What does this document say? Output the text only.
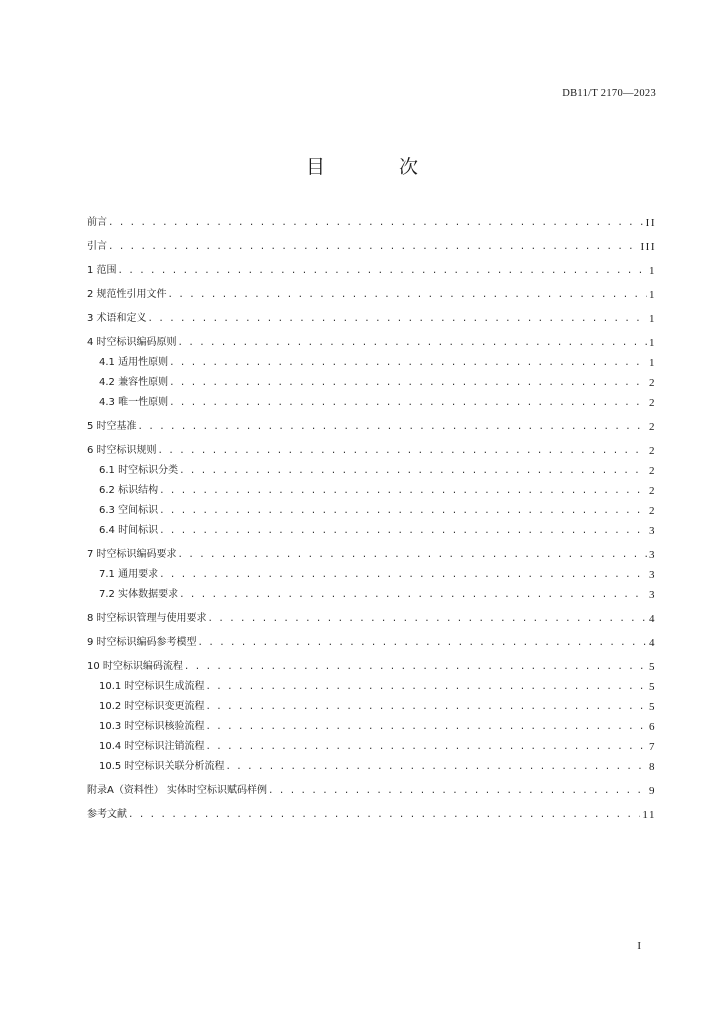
DB11/T 2170—2023
目 次
前言 . . .	II
引言 . . .	III
1 范围 . . .	1
2 规范性引用文件 . . .	1
3 术语和定义 . . .	1
4 时空标识编码原则 . . .	1
4.1 适用性原则 . . .	1
4.2 兼容性原则 . . .	2
4.3 唯一性原则 . . .	2
5 时空基准 . . .	2
6 时空标识规则 . . .	2
6.1 时空标识分类 . . .	2
6.2 标识结构 . . .	2
6.3 空间标识 . . .	2
6.4 时间标识 . . .	3
7 时空标识编码要求 . . .	3
7.1 通用要求 . . .	3
7.2 实体数据要求 . . .	3
8 时空标识管理与使用要求 . . .	4
9 时空标识编码参考模型 . . .	4
10 时空标识编码流程 . . .	5
10.1 时空标识生成流程 . . .	5
10.2 时空标识变更流程 . . .	5
10.3 时空标识核验流程 . . .	6
10.4 时空标识注销流程 . . .	7
10.5 时空标识关联分析流程 . . .	8
附录A（资料性） 实体时空标识赋码样例 . . .	9
参考文献 . . .	11
I
